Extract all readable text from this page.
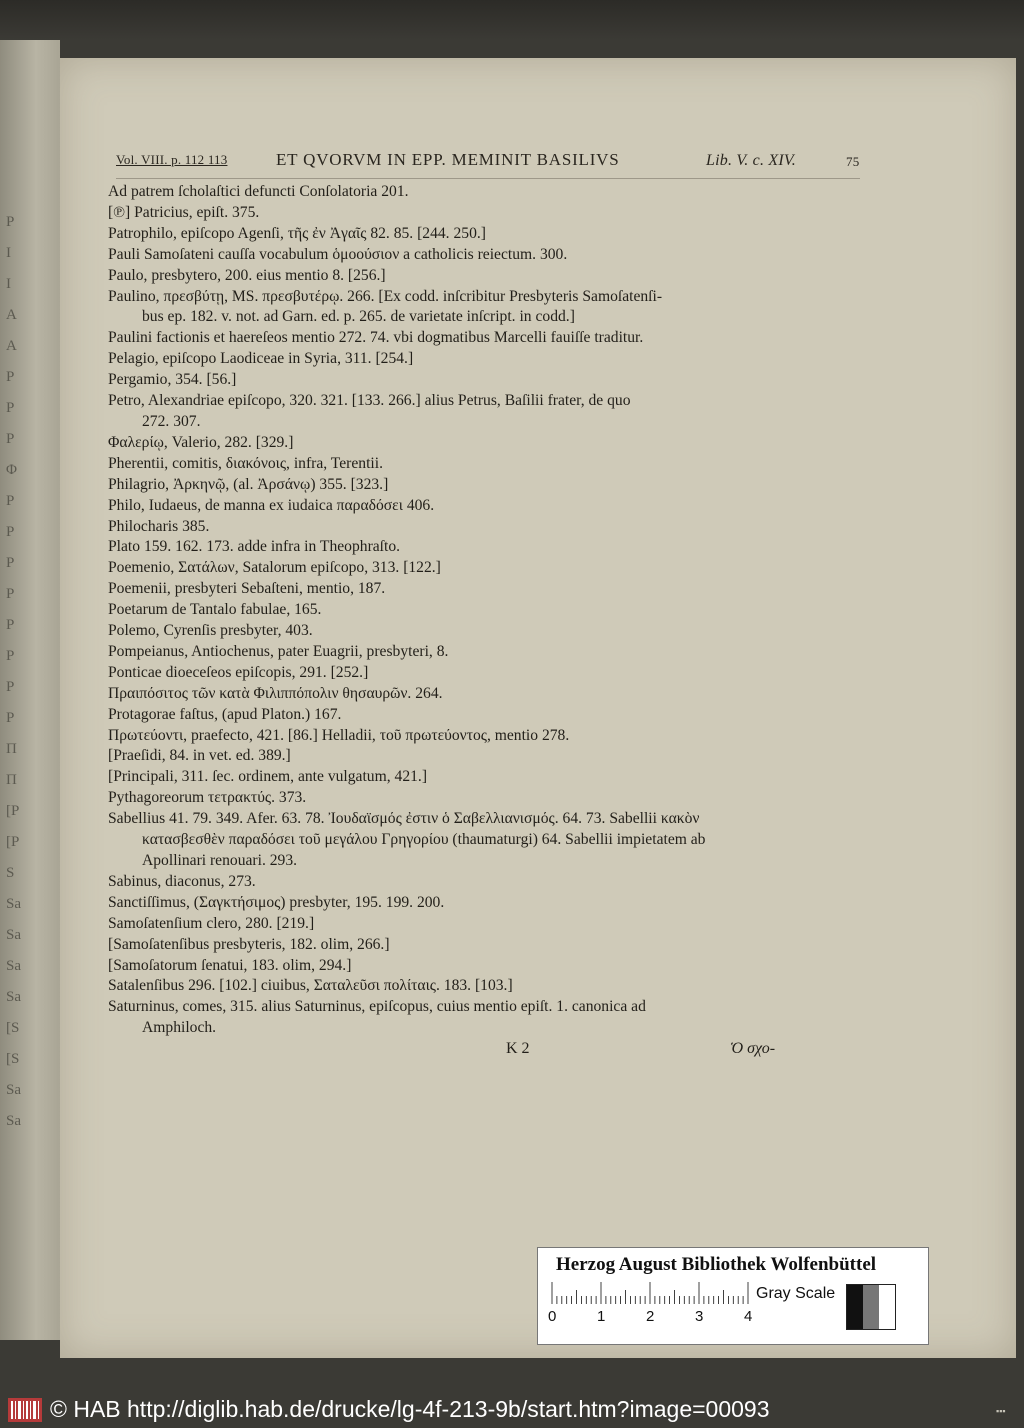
P
I
I
A
A
P
P
P
Φ
P
P
P
P
P
P
P
P
Π
Π
[P
[P
S
Sa
Sa
Sa
Sa
[S
[S
Sa
Sa
Vol. VIII. p. 112 113	ET QVORVM IN EPP. MEMINIT BASILIVS	Lib. V. c. XIV.	75
Ad patrem ſcholaſtici defuncti Conſolatoria 201.
[℗] Patricius, epiſt. 375.
Patrophilo, epiſcopo Agenſi, τῆς ἐν Ἀγαῖς 82. 85. [244. 250.]
Pauli Samoſateni cauſſa vocabulum ὁμοούσιον a catholicis reiectum. 300.
Paulo, presbytero, 200. eius mentio 8. [256.]
Paulino, πρεσβύτῃ, MS. πρεσβυτέρῳ. 266. [Ex codd. inſcribitur Presbyteris Samoſatenſi-
bus ep. 182. v. not. ad Garn. ed. p. 265. de varietate inſcript. in codd.]
Paulini factionis et haereſeos mentio 272. 74. vbi dogmatibus Marcelli fauiſſe traditur.
Pelagio, epiſcopo Laodiceae in Syria, 311. [254.]
Pergamio, 354. [56.]
Petro, Alexandriae epiſcopo, 320. 321. [133. 266.] alius Petrus, Baſilii frater, de quo
272. 307.
Φαλερίῳ, Valerio, 282. [329.]
Pherentii, comitis, διακόνοις, infra, Terentii.
Philagrio, Ἀρκηνῷ, (al. Ἀρσάνῳ) 355. [323.]
Philo, Iudaeus, de manna ex iudaica παραδόσει 406.
Philocharis 385.
Plato 159. 162. 173. adde infra in Theophraſto.
Poemenio, Σατάλων, Satalorum epiſcopo, 313. [122.]
Poemenii, presbyteri Sebaſteni, mentio, 187.
Poetarum de Tantalo fabulae, 165.
Polemo, Cyrenſis presbyter, 403.
Pompeianus, Antiochenus, pater Euagrii, presbyteri, 8.
Ponticae dioeceſeos epiſcopis, 291. [252.]
Πραιπόσιτος τῶν κατὰ Φιλιππόπολιν θησαυρῶν. 264.
Protagorae faſtus, (apud Platon.) 167.
Πρωτεύοντι, praefecto, 421. [86.] Helladii, τοῦ πρωτεύοντος, mentio 278.
[Praeſidi, 84. in vet. ed. 389.]
[Principali, 311. ſec. ordinem, ante vulgatum, 421.]
Pythagoreorum τετρακτύς. 373.
Sabellius 41. 79. 349. Afer. 63. 78. Ἰουδαϊσμός ἐστιν ὁ Σαβελλιανισμός. 64. 73. Sabellii κακὸν
κατασβεσθὲν παραδόσει τοῦ μεγάλου Γρηγορίου (thaumaturgi) 64. Sabellii impietatem ab
Apollinari renouari. 293.
Sabinus, diaconus, 273.
Sanctiſſimus, (Σαγκτήσιμος) presbyter, 195. 199. 200.
Samoſatenſium clero, 280. [219.]
[Samoſatenſibus presbyteris, 182. olim, 266.]
[Samoſatorum ſenatui, 183. olim, 294.]
Satalenſibus 296. [102.] ciuibus, Σαταλεῦσι πολίταις. 183. [103.]
Saturninus, comes, 315. alius Saturninus, epiſcopus, cuius mentio epiſt. 1. canonica ad
Amphiloch.
K 2	Ὁ σχο-
Herzog August Bibliothek Wolfenbüttel
0	1	2	3	4
Gray Scale
© HAB http://diglib.hab.de/drucke/lg-4f-213-9b/start.htm?image=00093	▪▪▪
